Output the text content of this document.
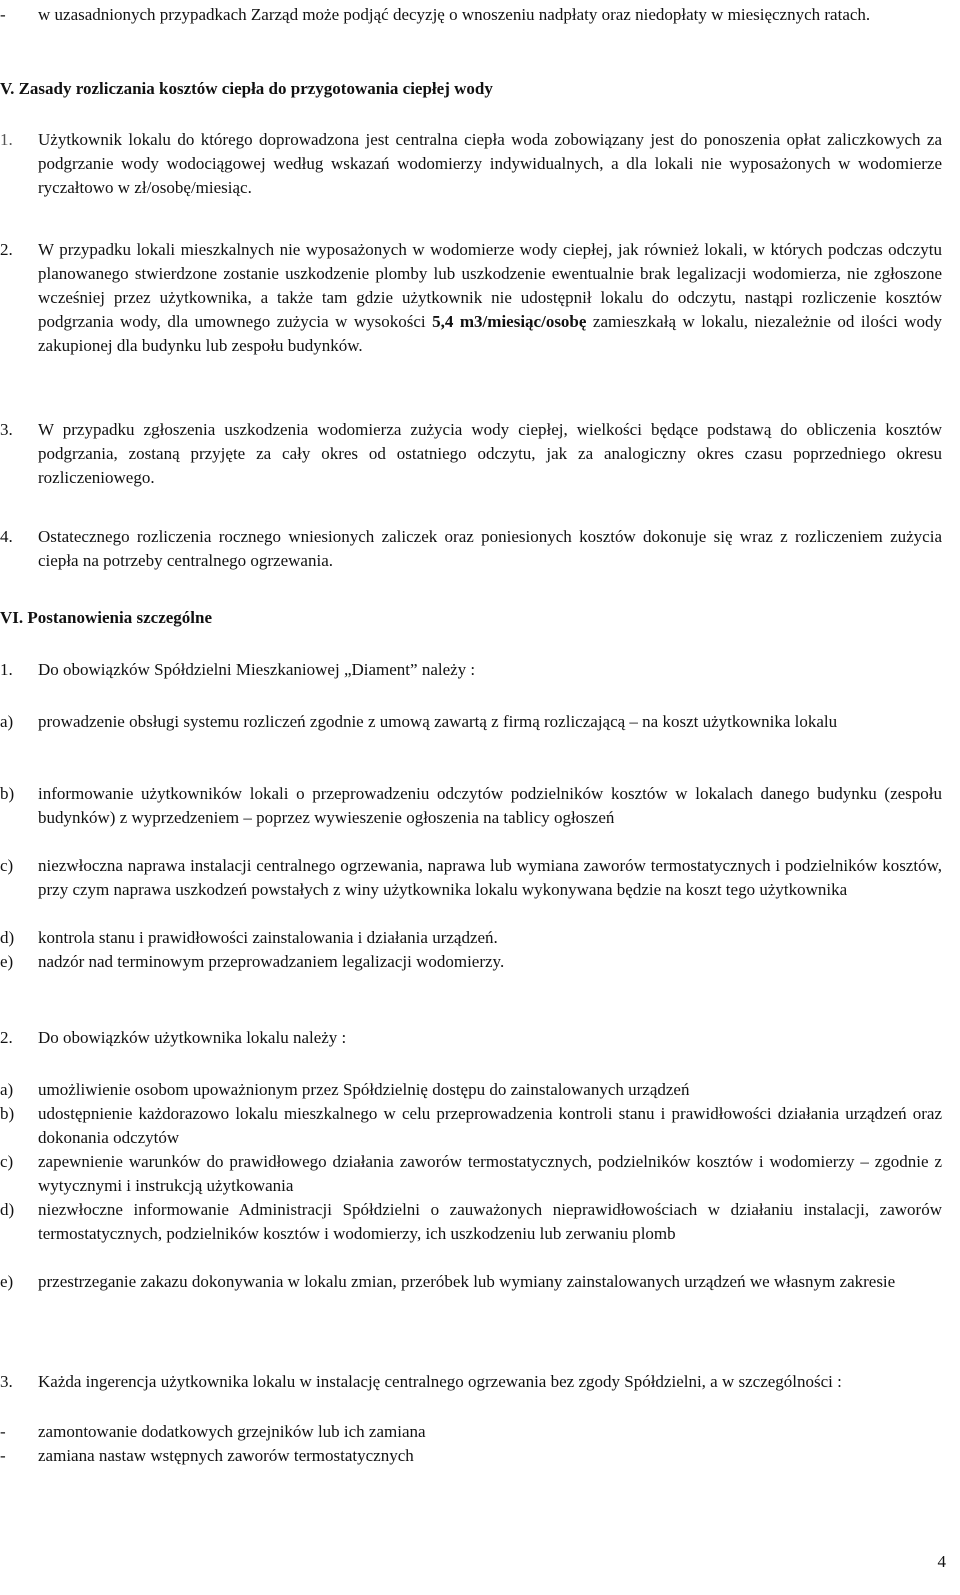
- w uzasadnionych przypadkach Zarząd może podjąć decyzję o wnoszeniu nadpłaty oraz niedopłaty w miesięcznych ratach.

V. Zasady rozliczania kosztów ciepła do przygotowania ciepłej wody
1. Użytkownik lokalu do którego doprowadzona jest centralna ciepła woda zobowiązany jest do ponoszenia opłat zaliczkowych za podgrzanie wody wodociągowej według wskazań wodomierzy indywidualnych, a dla lokali nie wyposażonych w wodomierze ryczałtowo w zł/osobę/miesiąc.

2. W przypadku lokali mieszkalnych nie wyposażonych w wodomierze wody ciepłej, jak również lokali, w których podczas odczytu planowanego stwierdzone zostanie uszkodzenie plomby lub uszkodzenie ewentualnie brak legalizacji wodomierza, nie zgłoszone wcześniej przez użytkownika, a także tam gdzie użytkownik nie udostępnił lokalu do odczytu, nastąpi rozliczenie kosztów podgrzania wody, dla umownego zużycia w wysokości 5,4 m3/miesiąc/osobę zamieszkałą w lokalu, niezależnie od ilości wody zakupionej dla budynku lub zespołu budynków.

3. W przypadku zgłoszenia uszkodzenia wodomierza zużycia wody ciepłej, wielkości będące podstawą do obliczenia kosztów podgrzania, zostaną przyjęte za cały okres od ostatniego odczytu, jak za analogiczny okres czasu poprzedniego okresu rozliczeniowego.

4. Ostatecznego rozliczenia rocznego wniesionych zaliczek oraz poniesionych kosztów dokonuje się wraz z rozliczeniem zużycia ciepła na potrzeby centralnego ogrzewania.

VI. Postanowienia szczególne
1. Do obowiązków Spółdzielni Mieszkaniowej „Diament” należy :

a) prowadzenie obsługi systemu rozliczeń zgodnie z umową zawartą z firmą rozliczającą – na koszt użytkownika lokalu

b) informowanie użytkowników lokali o przeprowadzeniu odczytów podzielników kosztów w lokalach danego budynku (zespołu budynków) z wyprzedzeniem – poprzez wywieszenie ogłoszenia na tablicy ogłoszeń

c) niezwłoczna naprawa instalacji centralnego ogrzewania, naprawa lub wymiana zaworów termostatycznych i podzielników kosztów, przy czym naprawa uszkodzeń powstałych z winy użytkownika lokalu wykonywana będzie na koszt tego użytkownika

d) kontrola stanu i prawidłowości zainstalowania i działania urządzeń.

e) nadzór nad terminowym przeprowadzaniem legalizacji wodomierzy.

2. Do obowiązków użytkownika lokalu należy :

a) umożliwienie osobom upoważnionym przez Spółdzielnię dostępu do zainstalowanych urządzeń

b) udostępnienie każdorazowo lokalu mieszkalnego w celu przeprowadzenia kontroli stanu i prawidłowości działania urządzeń oraz dokonania odczytów

c) zapewnienie warunków do prawidłowego działania zaworów termostatycznych, podzielników kosztów i wodomierzy – zgodnie z wytycznymi i instrukcją użytkowania

d) niezwłoczne informowanie Administracji Spółdzielni o zauważonych nieprawidłowościach w działaniu instalacji, zaworów termostatycznych, podzielników kosztów i wodomierzy, ich uszkodzeniu lub zerwaniu plomb

e) przestrzeganie zakazu dokonywania w lokalu zmian, przeróbek lub wymiany zainstalowanych urządzeń we własnym zakresie

3. Każda ingerencja użytkownika lokalu w instalację centralnego ogrzewania bez zgody Spółdzielni, a w szczególności :

- zamontowanie dodatkowych grzejników lub ich zamiana

- zamiana nastaw wstępnych zaworów termostatycznych

4
